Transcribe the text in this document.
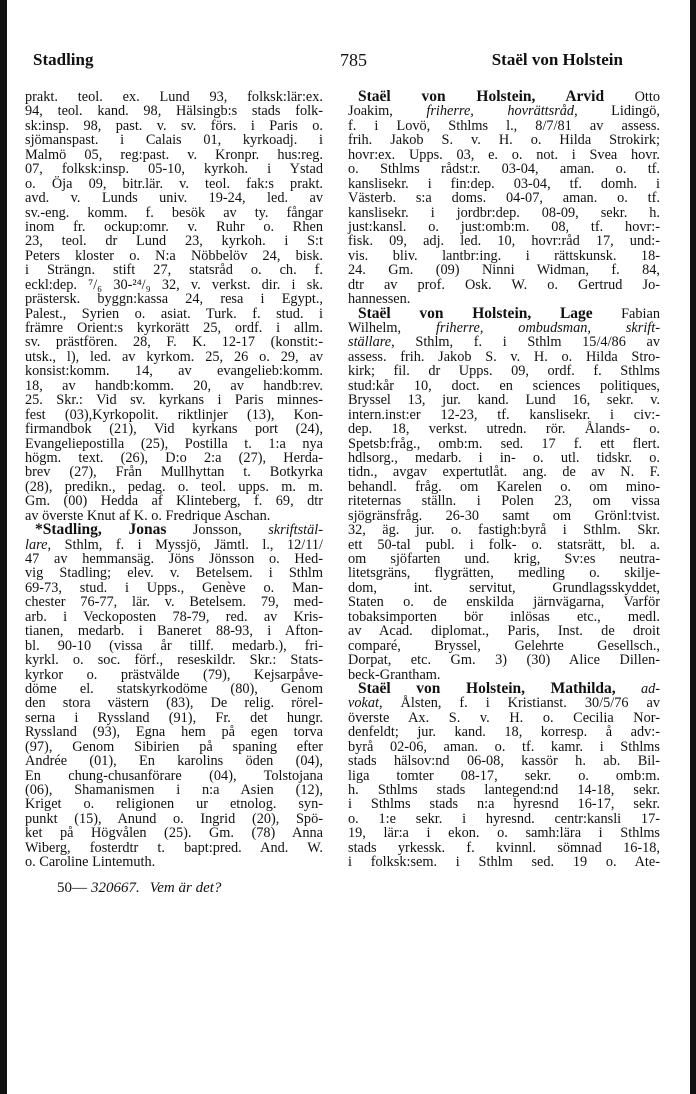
Stadling	785	Staël von Holstein
prakt. teol. ex. Lund 93, folksk:lär:ex.
94, teol. kand. 98, Hälsingb:s stads folk-
sk:insp. 98, past. v. sv. förs. i Paris o.
sjömanspast. i Calais 01, kyrkoadj. i
Malmö 05, reg:past. v. Kronpr. hus:reg.
07, folksk:insp. 05-10, kyrkoh. i Ystad
o. Öja 09, bitr.lär. v. teol. fak:s prakt.
avd. v. Lunds univ. 19-24, led. av
sv.-eng. komm. f. besök av ty. fångar
inom fr. ockup:omr. v. Ruhr o. Rhen
23, teol. dr Lund 23, kyrkoh. i S:t
Peters kloster o. N:a Nöbbelöv 24, bisk.
i Strängn. stift 27, statsråd o. ch. f.
eckl:dep. ⁷/₆ 30-²⁴/₉ 32, v. verkst. dir. i sk.
prästersk. byggn:kassa 24, resa i Egypt.,
Palest., Syrien o. asiat. Turk. f. stud. i
främre Orient:s kyrkorätt 25, ordf. i allm.
sv. prästfören. 28, F. K. 12-17 (konstit:-
utsk., l), led. av kyrkom. 25, 26 o. 29, av
konsist:komm. 14, av evangelieb:komm.
18, av handb:komm. 20, av handb:rev.
25. Skr.: Vid sv. kyrkans i Paris minnes-
fest (03),Kyrkopolit. riktlinjer (13), Kon-
firmandbok (21), Vid kyrkans port (24),
Evangeliepostilla (25), Postilla t. 1:a nya
högm. text. (26), D:o 2:a (27), Herda-
brev (27), Från Mullhyttan t. Botkyrka
(28), predikn., pedag. o. teol. upps. m. m.
Gm. (00) Hedda af Klinteberg, f. 69, dtr
av överste Knut af K. o. Fredrique Aschan.
*Stadling, Jonas Jonsson, skriftstäl-
lare, Sthlm, f. i Myssjö, Jämtl. l., 12/11/
47 av hemmansäg. Jöns Jönsson o. Hed-
vig Stadling; elev. v. Betelsem. i Sthlm
69-73, stud. i Upps., Genève o. Man-
chester 76-77, lär. v. Betelsem. 79, med-
arb. i Veckoposten 78-79, red. av Kris-
tianen, medarb. i Baneret 88-93, i Afton-
bl. 90-10 (vissa år tillf. medarb.), fri-
kyrkl. o. soc. förf., reseskildr. Skr.: Stats-
kyrkor o. prästvälde (79), Kejsarpåve-
döme el. statskyrkodöme (80), Genom
den stora västern (83), De relig. rörel-
serna i Ryssland (91), Fr. det hungr.
Ryssland (93), Egna hem på egen torva
(97), Genom Sibirien på spaning efter
Andrée (01), En karolins öden (04),
En chung-chusanförare (04), Tolstojana
(06), Shamanismen i n:a Asien (12),
Kriget o. religionen ur etnolog. syn-
punkt (15), Anund o. Ingrid (20), Spö-
ket på Högvålen (25). Gm. (78) Anna
Wiberg, fosterdtr t. bapt:pred. And. W.
o. Caroline Lintemuth.
Staël von Holstein, Arvid Otto
Joakim, friherre, hovrättsråd, Lidingö,
f. i Lovö, Sthlms l., 8/7/81 av assess.
frih. Jakob S. v. H. o. Hilda Strokirk;
hovr:ex. Upps. 03, e. o. not. i Svea hovr.
o. Sthlms rådst:r. 03-04, aman. o. tf.
kanslisekr. i fin:dep. 03-04, tf. domh. i
Västerb. s:a doms. 04-07, aman. o. tf.
kanslisekr. i jordbr:dep. 08-09, sekr. h.
just:kansl. o. just:omb:m. 08, tf. hovr:-
fisk. 09, adj. led. 10, hovr:råd 17, und:-
vis. bliv. lantbr:ing. i rättskunsk. 18-
24. Gm. (09) Ninni Widman, f. 84,
dtr av prof. Osk. W. o. Gertrud Jo-
hannessen.
Staël von Holstein, Lage Fabian
Wilhelm, friherre, ombudsman, skrift-
ställare, Sthlm, f. i Sthlm 15/4/86 av
assess. frih. Jakob S. v. H. o. Hilda Stro-
kirk; fil. dr Upps. 09, ordf. f. Sthlms
stud:kår 10, doct. en sciences politiques,
Bryssel 13, jur. kand. Lund 16, sekr. v.
intern.inst:er 12-23, tf. kanslisekr. i civ:-
dep. 18, verkst. utredn. rör. Ålands- o.
Spetsb:fråg., omb:m. sed. 17 f. ett flert.
hdlsorg., medarb. i in- o. utl. tidskr. o.
tidn., avgav expertutlåt. ang. de av N. F.
behandl. fråg. om Karelen o. om mino-
riteternas ställn. i Polen 23, om vissa
sjögränsfråg. 26-30 samt om Grönl:tvist.
32, äg. jur. o. fastigh:byrå i Sthlm. Skr.
ett 50-tal publ. i folk- o. statsrätt, bl. a.
om sjöfarten und. krig, Sv:es neutra-
litetsgräns, flygrätten, medling o. skilje-
dom, int. servitut, Grundlagsskyddet,
Staten o. de enskilda järnvägarna, Varför
tobaksimporten bör inlösas etc., medl.
av Acad. diplomat., Paris, Inst. de droit
comparé, Bryssel, Gelehrte Gesellsch.,
Dorpat, etc. Gm. 3) (30) Alice Dillen-
beck-Grantham.
Staël von Holstein, Mathilda, ad-
vokat, Ålsten, f. i Kristianst. 30/5/76 av
överste Ax. S. v. H. o. Cecilia Nor-
denfeldt; jur. kand. 18, korresp. å adv:-
byrå 02-06, aman. o. tf. kamr. i Sthlms
stads hälsov:nd 06-08, kassör h. ab. Bil-
liga tomter 08-17, sekr. o. omb:m.
h. Sthlms stads lantegend:nd 14-18, sekr.
i Sthlms stads n:a hyresnd 16-17, sekr.
o. 1:e sekr. i hyresnd. centr:kansli 17-
19, lär:a i ekon. o. samh:lära i Sthlms
stads yrkessk. f. kvinnl. sömnad 16-18,
i folksk:sem. i Sthlm sed. 19 o. Ate-
50— 320667. Vem är det?
